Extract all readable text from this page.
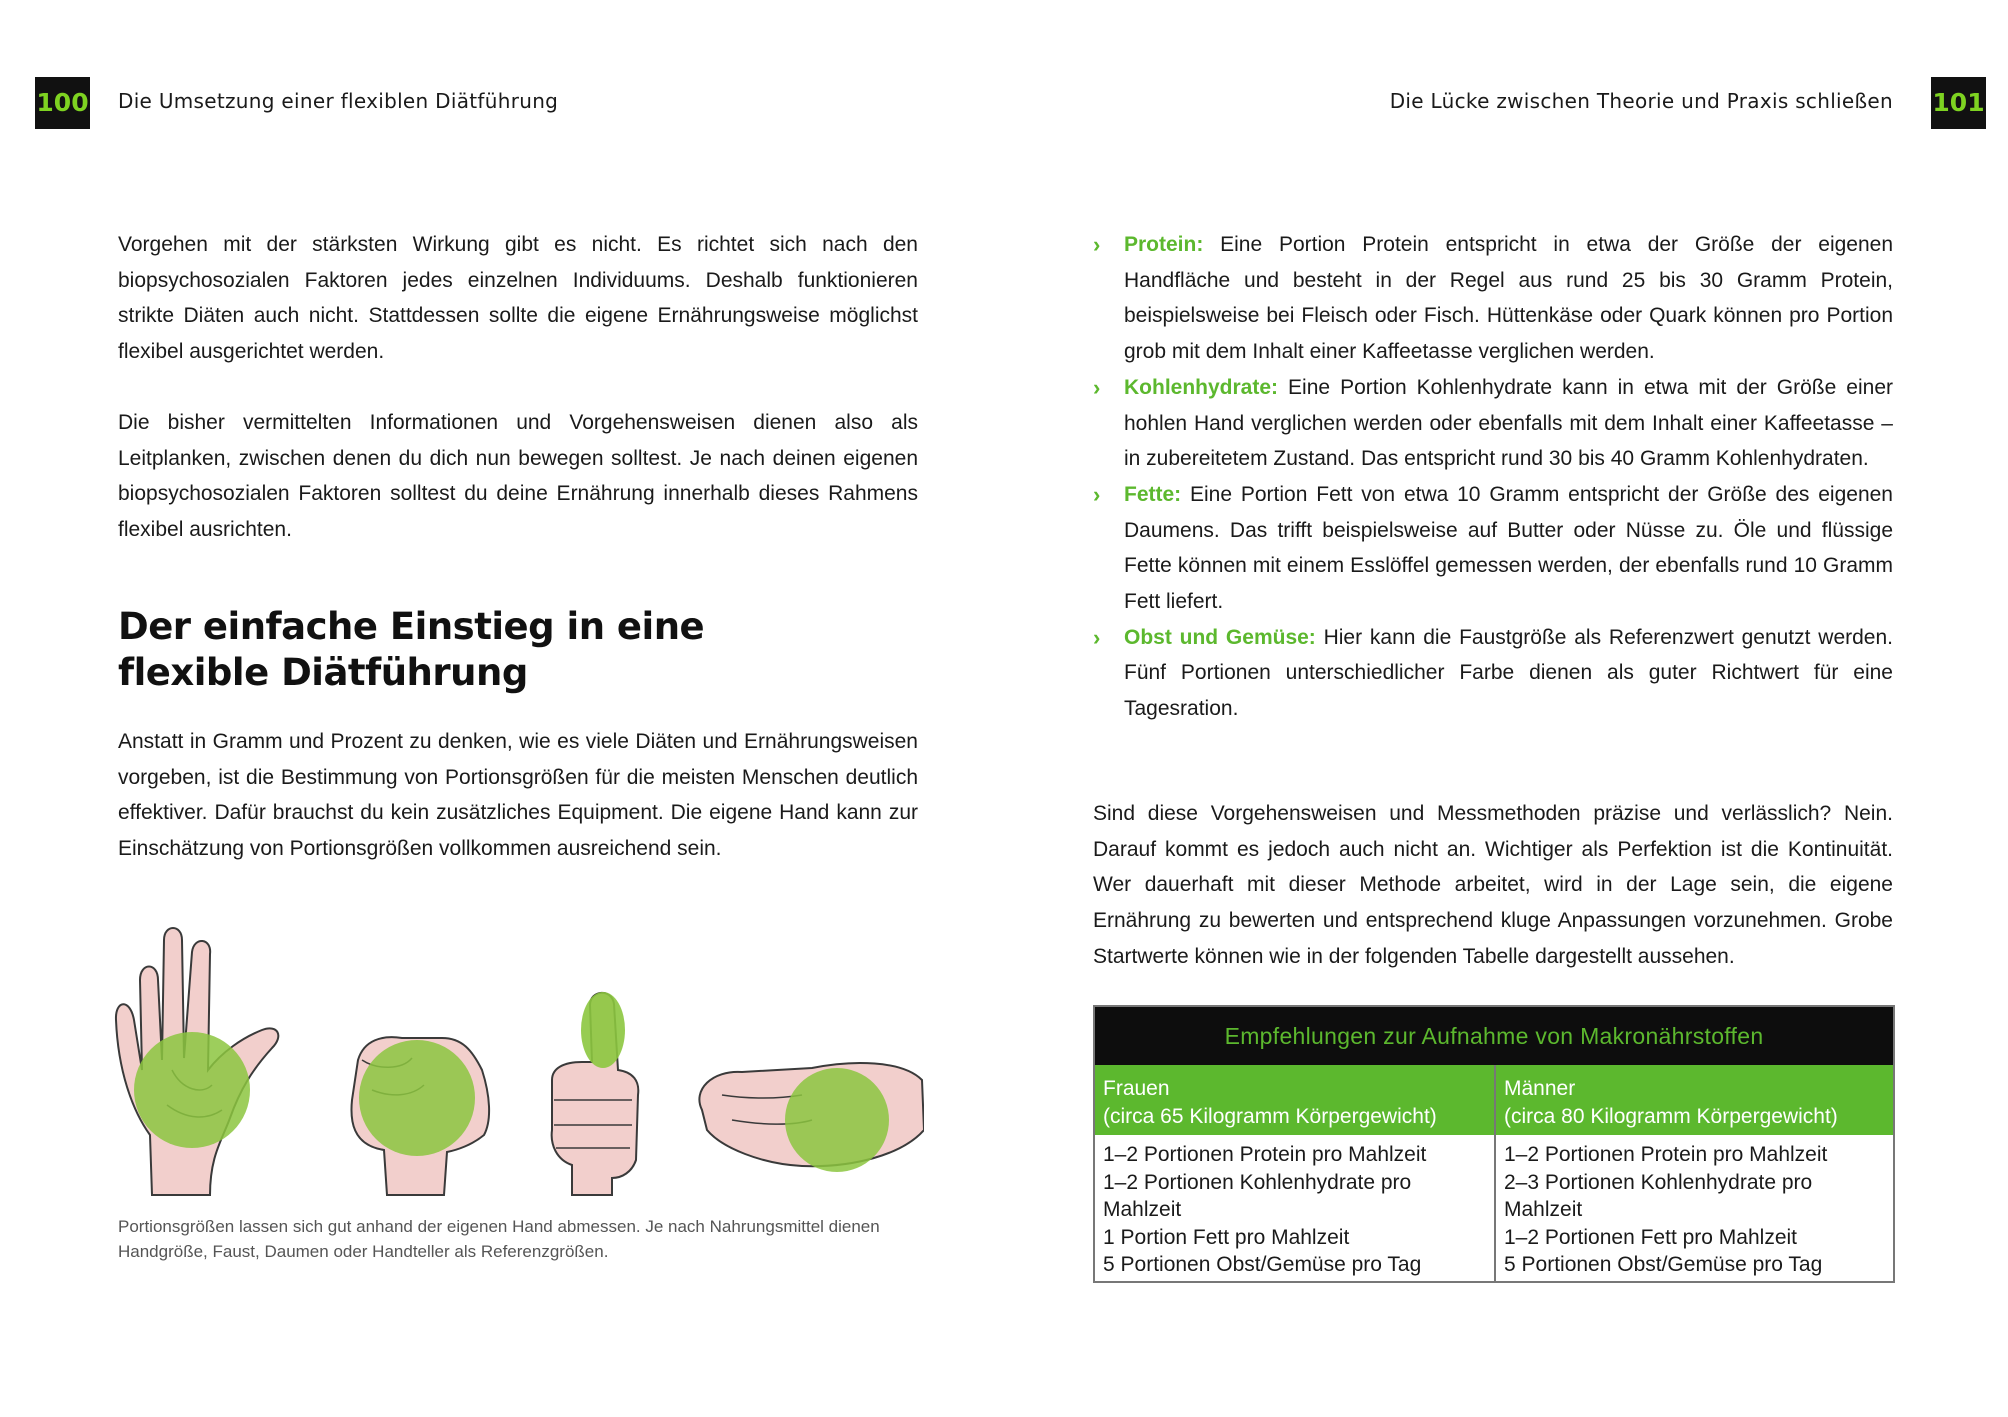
100 Die Umsetzung einer flexiblen Diätführung	Die Lücke zwischen Theorie und Praxis schließen 101

Vorgehen mit der stärksten Wirkung gibt es nicht. Es richtet sich nach den biopsychosozialen Faktoren jedes einzelnen Individuums. Deshalb funktionieren strikte Diäten auch nicht. Stattdessen sollte die eigene Ernährungsweise möglichst flexibel ausgerichtet werden.

Die bisher vermittelten Informationen und Vorgehensweisen dienen also als Leitplanken, zwischen denen du dich nun bewegen solltest. Je nach deinen eigenen biopsychosozialen Faktoren solltest du deine Ernährung innerhalb dieses Rahmens flexibel ausrichten.

Der einfache Einstieg in eine
flexible Diätführung

Anstatt in Gramm und Prozent zu denken, wie es viele Diäten und Ernährungsweisen vorgeben, ist die Bestimmung von Portionsgrößen für die meisten Menschen deutlich effektiver. Dafür brauchst du kein zusätzliches Equipment. Die eigene Hand kann zur Einschätzung von Portionsgrößen vollkommen ausreichend sein.

Portionsgrößen lassen sich gut anhand der eigenen Hand abmessen. Je nach Nahrungsmittel dienen Handgröße, Faust, Daumen oder Handteller als Referenzgrößen.

› Protein: Eine Portion Protein entspricht in etwa der Größe der eigenen Handfläche und besteht in der Regel aus rund 25 bis 30 Gramm Protein, beispielsweise bei Fleisch oder Fisch. Hüttenkäse oder Quark können pro Portion grob mit dem Inhalt einer Kaffeetasse verglichen werden.
› Kohlenhydrate: Eine Portion Kohlenhydrate kann in etwa mit der Größe einer hohlen Hand verglichen werden oder ebenfalls mit dem Inhalt einer Kaffeetasse – in zubereitetem Zustand. Das entspricht rund 30 bis 40 Gramm Kohlenhydraten.
› Fette: Eine Portion Fett von etwa 10 Gramm entspricht der Größe des eigenen Daumens. Das trifft beispielsweise auf Butter oder Nüsse zu. Öle und flüssige Fette können mit einem Esslöffel gemessen werden, der ebenfalls rund 10 Gramm Fett liefert.
› Obst und Gemüse: Hier kann die Faustgröße als Referenzwert genutzt werden. Fünf Portionen unterschiedlicher Farbe dienen als guter Richtwert für eine Tagesration.

Sind diese Vorgehensweisen und Messmethoden präzise und verlässlich? Nein. Darauf kommt es jedoch auch nicht an. Wichtiger als Perfektion ist die Kontinuität. Wer dauerhaft mit dieser Methode arbeitet, wird in der Lage sein, die eigene Ernährung zu bewerten und entsprechend kluge Anpassungen vorzunehmen. Grobe Startwerte können wie in der folgenden Tabelle dargestellt aussehen.

Empfehlungen zur Aufnahme von Makronährstoffen
Frauen
(circa 65 Kilogramm Körpergewicht)
1–2 Portionen Protein pro Mahlzeit
1–2 Portionen Kohlenhydrate pro Mahlzeit
1 Portion Fett pro Mahlzeit
5 Portionen Obst/Gemüse pro Tag
Männer
(circa 80 Kilogramm Körpergewicht)
1–2 Portionen Protein pro Mahlzeit
2–3 Portionen Kohlenhydrate pro Mahlzeit
1–2 Portionen Fett pro Mahlzeit
5 Portionen Obst/Gemüse pro Tag
